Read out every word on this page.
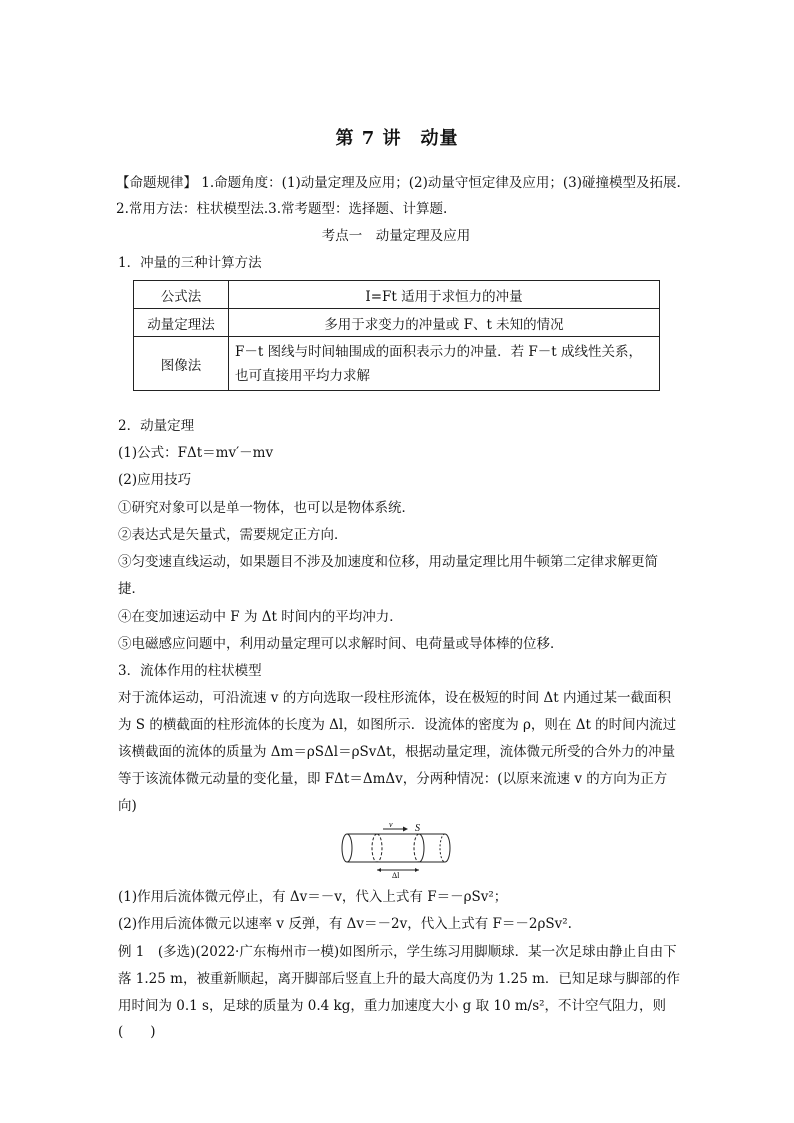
第 7 讲　动量

【命题规律】 1.命题角度：(1)动量定理及应用；(2)动量守恒定律及应用；(3)碰撞模型及拓展.

2.常用方法：柱状模型法.3.常考题型：选择题、计算题.

考点一　动量定理及应用

1．冲量的三种计算方法

公式法	I=Ft 适用于求恒力的冲量
动量定理法	多用于求变力的冲量或 F、t 未知的情况
图像法	F－t 图线与时间轴围成的面积表示力的冲量．若 F－t 成线性关系，也可直接用平均力求解

2．动量定理

(1)公式：FΔt＝mv′－mv

(2)应用技巧

①研究对象可以是单一物体，也可以是物体系统．

②表达式是矢量式，需要规定正方向．

③匀变速直线运动，如果题目不涉及加速度和位移，用动量定理比用牛顿第二定律求解更简

捷．

④在变加速运动中 F 为 Δt 时间内的平均冲力．

⑤电磁感应问题中，利用动量定理可以求解时间、电荷量或导体棒的位移．

3．流体作用的柱状模型

对于流体运动，可沿流速 v 的方向选取一段柱形流体，设在极短的时间 Δt 内通过某一截面积

为 S 的横截面的柱形流体的长度为 Δl，如图所示．设流体的密度为 ρ，则在 Δt 的时间内流过

该横截面的流体的质量为 Δm＝ρSΔl＝ρSvΔt，根据动量定理，流体微元所受的合外力的冲量

等于该流体微元动量的变化量，即 FΔt＝ΔmΔv，分两种情况：(以原来流速 v 的方向为正方

向)

v S
Δl

(1)作用后流体微元停止，有 Δv＝－v，代入上式有 F＝－ρSv²；

(2)作用后流体微元以速率 v 反弹，有 Δv＝－2v，代入上式有 F＝－2ρSv².

例 1　(多选)(2022·广东梅州市一模)如图所示，学生练习用脚顺球．某一次足球由静止自由下

落 1.25 m，被重新顺起，离开脚部后竖直上升的最大高度仍为 1.25 m．已知足球与脚部的作

用时间为 0.1 s，足球的质量为 0.4 kg，重力加速度大小 g 取 10 m/s²，不计空气阻力，则(　　)
